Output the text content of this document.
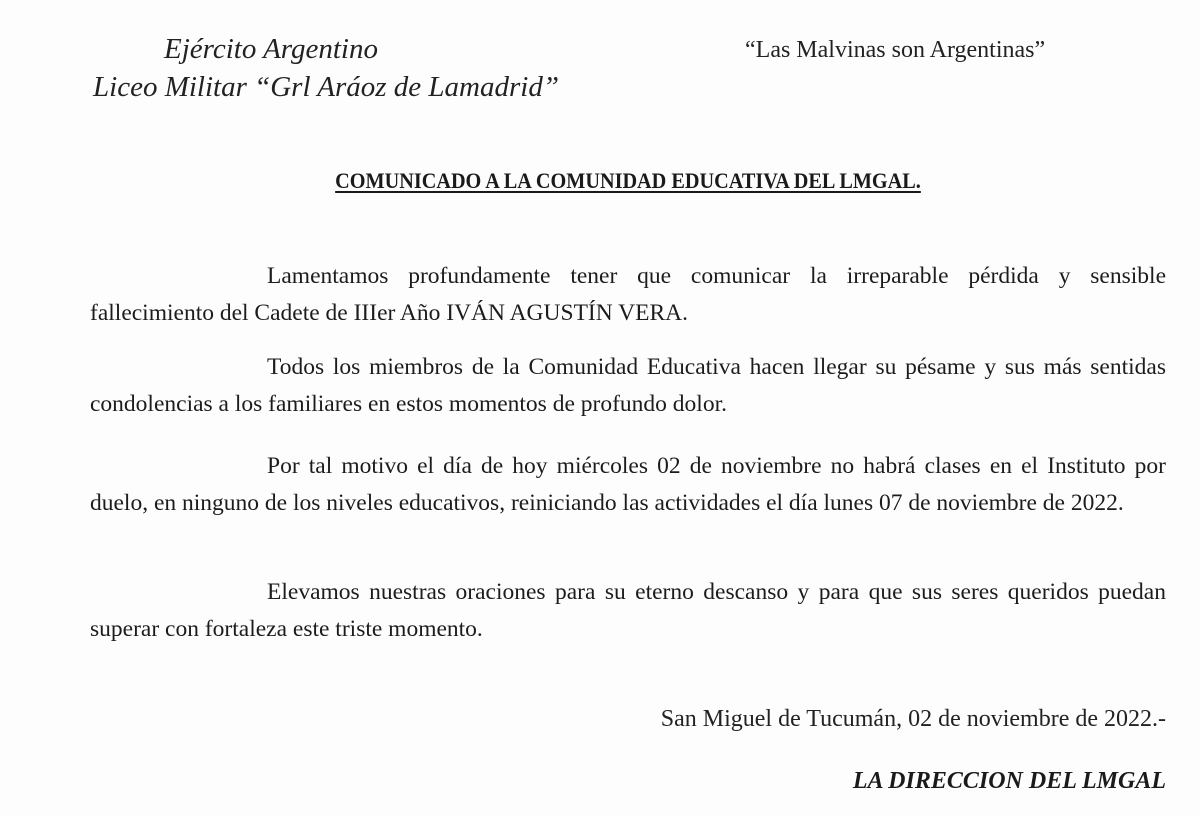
Ejército Argentino
Liceo Militar “Grl Aráoz de Lamadrid”
“Las Malvinas son Argentinas”
COMUNICADO A LA COMUNIDAD EDUCATIVA DEL LMGAL.

Lamentamos profundamente tener que comunicar la irreparable pérdida y sensible fallecimiento del Cadete de IIIer Año IVÁN AGUSTÍN VERA.

Todos los miembros de la Comunidad Educativa hacen llegar su pésame y sus más sentidas condolencias a los familiares en estos momentos de profundo dolor.

Por tal motivo el día de hoy miércoles 02 de noviembre no habrá clases en el Instituto por duelo, en ninguno de los niveles educativos, reiniciando las actividades el día lunes 07 de noviembre de 2022.

Elevamos nuestras oraciones para su eterno descanso y para que sus seres queridos puedan superar con fortaleza este triste momento.

San Miguel de Tucumán, 02 de noviembre de 2022.-
LA DIRECCION DEL LMGAL
